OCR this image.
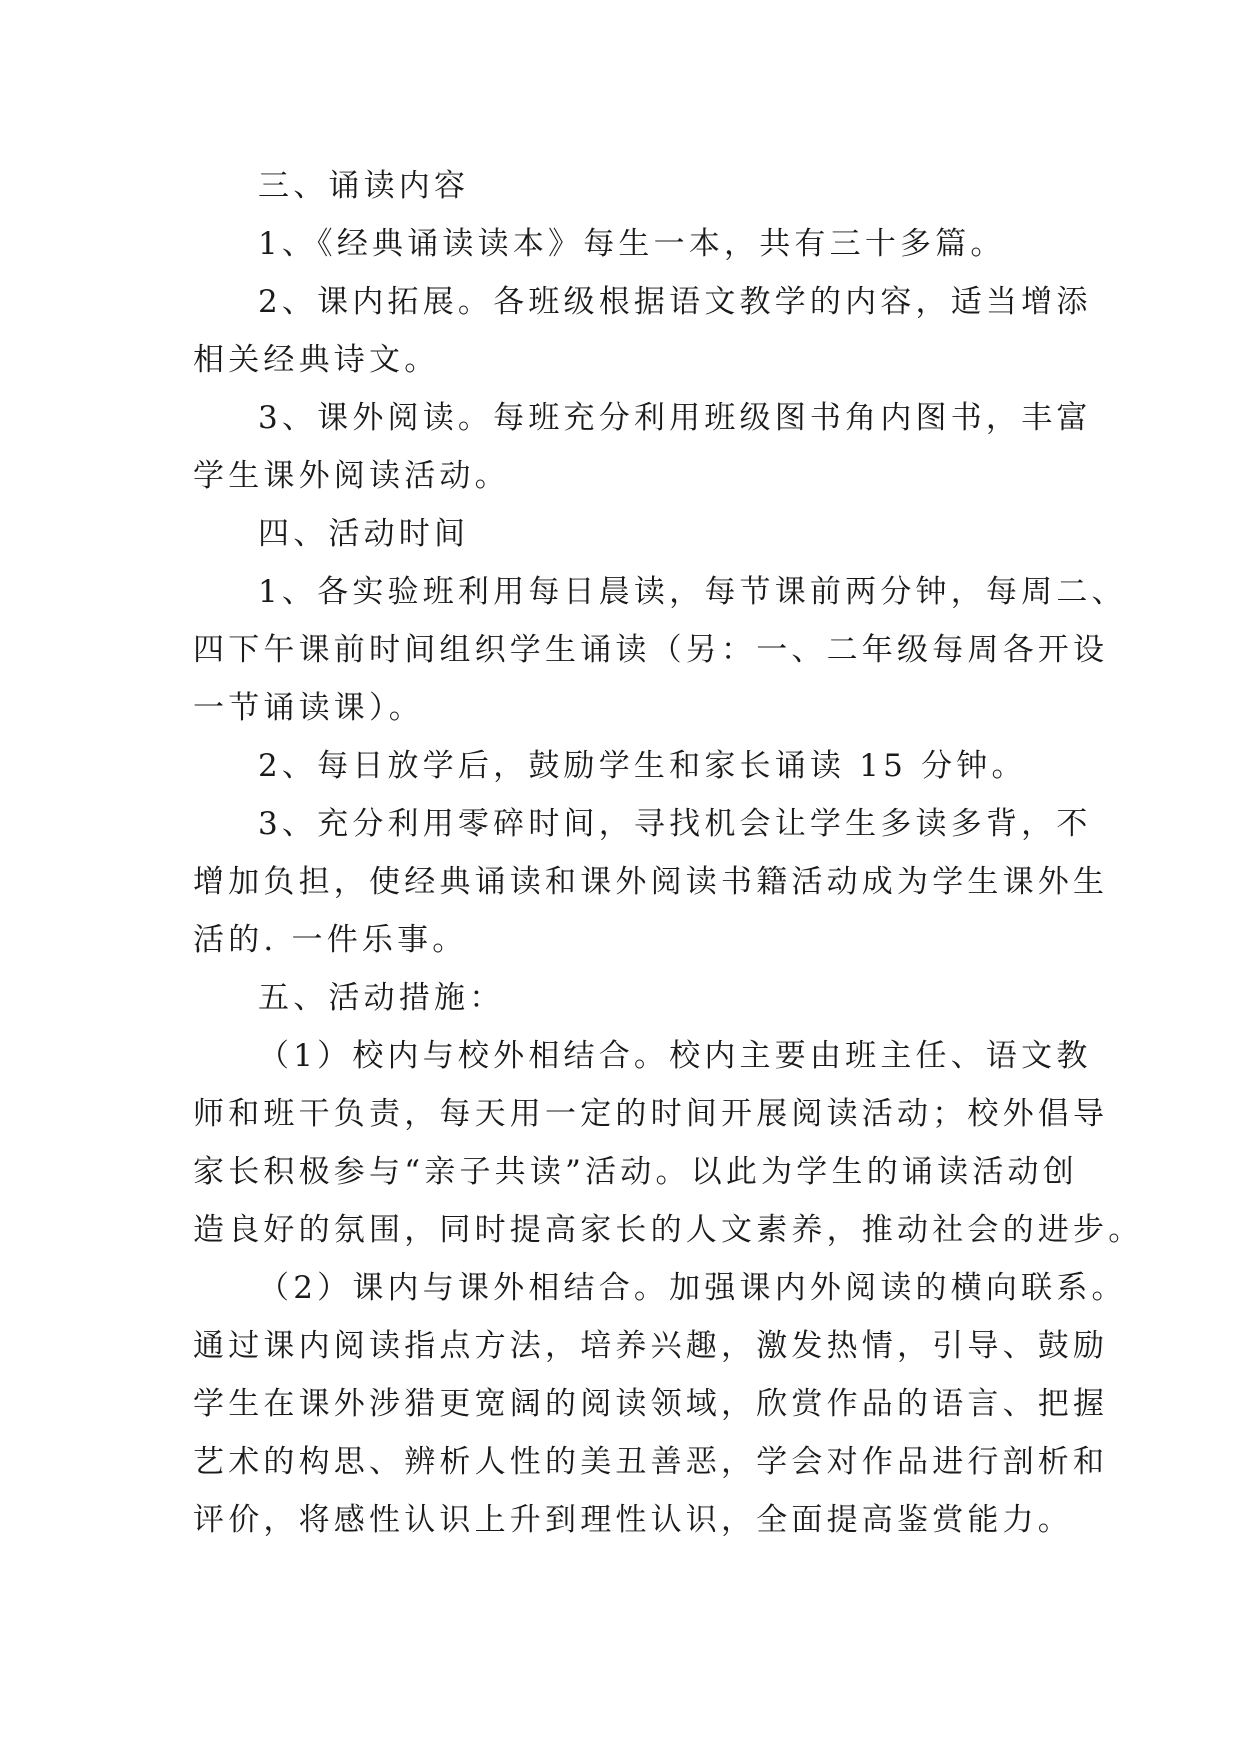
三、诵读内容

1、《经典诵读读本》每生一本，共有三十多篇。

2、课内拓展。各班级根据语文教学的内容，适当增添

相关经典诗文。

3、课外阅读。每班充分利用班级图书角内图书，丰富

学生课外阅读活动。

四、活动时间

1、各实验班利用每日晨读，每节课前两分钟，每周二、

四下午课前时间组织学生诵读（另：一、二年级每周各开设

一节诵读课）。

2、每日放学后，鼓励学生和家长诵读 15 分钟。

3、充分利用零碎时间，寻找机会让学生多读多背，不

增加负担，使经典诵读和课外阅读书籍活动成为学生课外生

活的. 一件乐事。

五、活动措施：

（1）校内与校外相结合。校内主要由班主任、语文教

师和班干负责，每天用一定的时间开展阅读活动；校外倡导

家长积极参与“亲子共读”活动。以此为学生的诵读活动创

造良好的氛围，同时提高家长的人文素养，推动社会的进步。

（2）课内与课外相结合。加强课内外阅读的横向联系。

通过课内阅读指点方法，培养兴趣，激发热情，引导、鼓励

学生在课外涉猎更宽阔的阅读领域，欣赏作品的语言、把握

艺术的构思、辨析人性的美丑善恶，学会对作品进行剖析和

评价，将感性认识上升到理性认识，全面提高鉴赏能力。
